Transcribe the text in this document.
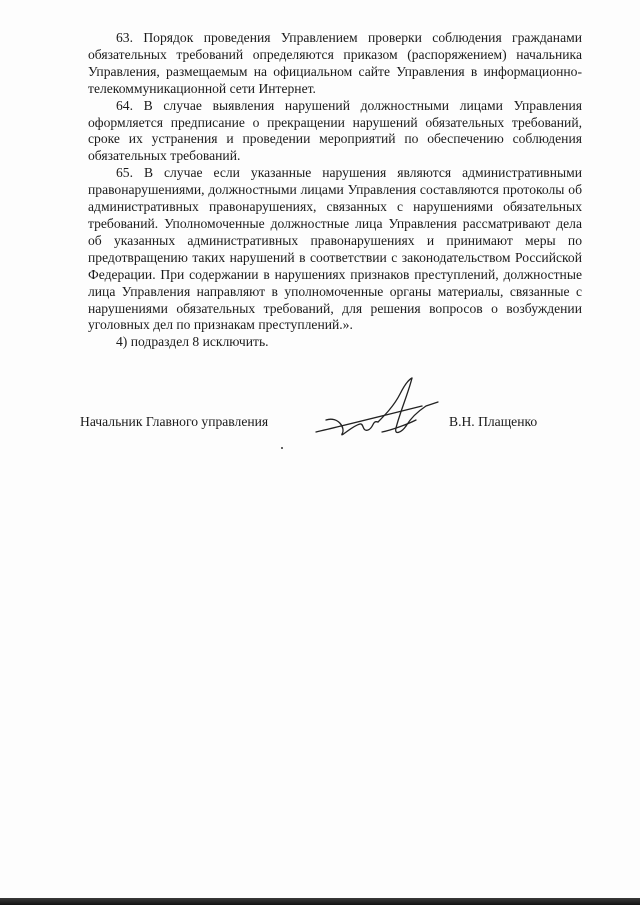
63. Порядок проведения Управлением проверки соблюдения гражданами обязательных требований определяются приказом (распоряжением) начальника Управления, размещаемым на официальном сайте Управления в информационно-телекоммуникационной сети Интернет.

64. В случае выявления нарушений должностными лицами Управления оформляется предписание о прекращении нарушений обязательных требований, сроке их устранения и проведении мероприятий по обеспечению соблюдения обязательных требований.

65. В случае если указанные нарушения являются административными правонарушениями, должностными лицами Управления составляются протоколы об административных правонарушениях, связанных с нарушениями обязательных требований. Уполномоченные должностные лица Управления рассматривают дела об указанных административных правонарушениях и принимают меры по предотвращению таких нарушений в соответствии с законодательством Российской Федерации. При содержании в нарушениях признаков преступлений, должностные лица Управления направляют в уполномоченные органы материалы, связанные с нарушениями обязательных требований, для решения вопросов о возбуждении уголовных дел по признакам преступлений.».

4) подраздел 8 исключить.

Начальник Главного управления	В.Н. Плащенко
